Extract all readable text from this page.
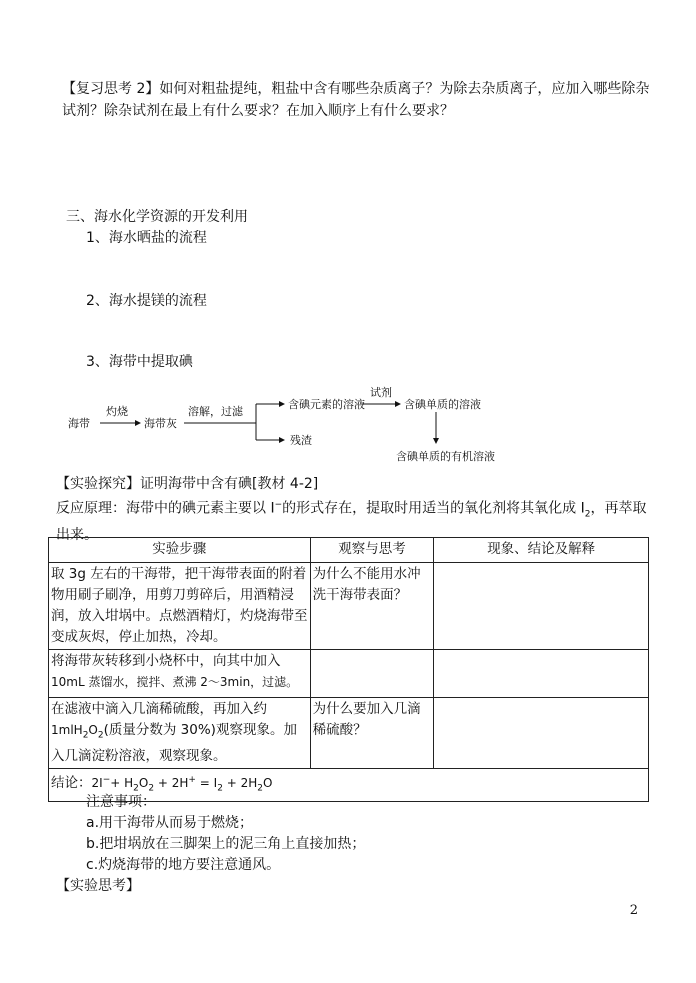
【复习思考 2】如何对粗盐提纯，粗盐中含有哪些杂质离子？为除去杂质离子，应加入哪些除杂试剂？除杂试剂在最上有什么要求？在加入顺序上有什么要求？
三、海水化学资源的开发利用
1、海水晒盐的流程
2、海水提镁的流程
3、海带中提取碘
海带
灼烧
海带灰
溶解，过滤
含碘元素的溶液
残渣
试剂
含碘单质的溶液
含碘单质的有机溶液
【实验探究】证明海带中含有碘[教材 4-2]
反应原理：海带中的碘元素主要以 I−的形式存在，提取时用适当的氧化剂将其氧化成 $I_2$，再萃取出来。
实验步骤	观察与思考	现象、结论及解释
取 3g 左右的干海带，把干海带表面的附着物用刷子刷净，用剪刀剪碎后，用酒精浸润，放入坩埚中。点燃酒精灯，灼烧海带至变成灰烬，停止加热，冷却。	为什么不能用水冲洗干海带表面？	
将海带灰转移到小烧杯中，向其中加入
10mL 蒸馏水，搅拌、煮沸 2～3min，过滤。		
在滤液中滴入几滴稀硫酸，再加入约
$1mlH_2O_2$(质量分数为 30%)观察现象。加入几滴淀粉溶液，观察现象。	为什么要加入几滴稀硫酸？	
结论：$2I^-+ H_2O_2 + 2H^+ = I_2 + 2H_2O$		
注意事项：
a.用干海带从而易于燃烧；
b.把坩埚放在三脚架上的泥三角上直接加热；
c.灼烧海带的地方要注意通风。
【实验思考】
2
